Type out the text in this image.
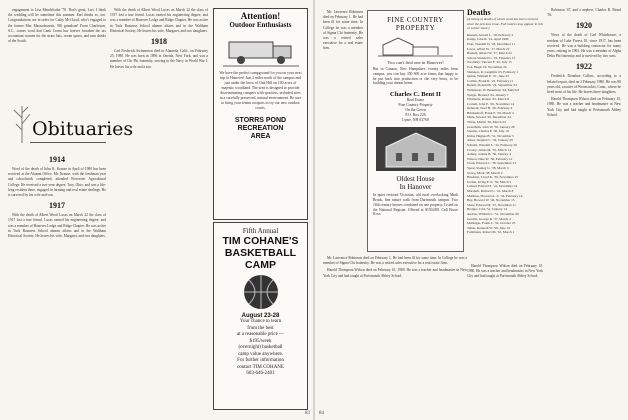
engagement to Lisa Mendelsohn '78. That's great, Lori. I think the wedding will be sometime this summer. Earl thinks so, too. Congratulations are in order for Cathy McCloud, who's engaged to the former Mac Massachusetts. '68) grandson! From Charleston, S.C., comes word that Cami Cronn has forever forsaken the tax accountant women for the straw hats, ocean sports, and rum drinks of the South.

Obituaries
1914

Word of the death of John K. Krause in April of 1980 has been received at the Alumni Office. Mr. Krause, with the freshman year and schoolwork completed, attended Worcester Agricultural College. He received a two-year degree, Troy, Ohio, and was a life-long resident there, engaged in farming and real estate dealings. He is survived by his wife and son.

1917

With the death of Albert Wood Lucas on March 22 the class of 1917 lost a true friend. Lucas earned his engineering degree, and was a member of Hanover Lodge and Ridge Chapter. He was active in Tuck Business School alumni affairs and in the Waltham Historical Society. He leaves his wife, Margaret, and two daughters.

With the death of Albert Wood Lucas on March 22 the class of 1917 lost a true friend. Lucas earned his engineering degree, and was a member of Hanover Lodge and Ridge Chapter. He was active in Tuck Business School alumni affairs and in the Waltham Historical Society. He leaves his wife, Margaret, and two daughters.

1918

Carl Frederick Swinnerton died in Alameda, Calif., on February 25, 1980. He was born in 1896 in Oneida, New York, and was a member of Chi Phi fraternity, serving in the Navy in World War I. He leaves his wife and a son.

Attention!
Outdoor Enthusiasts
We have the perfect campground for you on your next trip to Hanover! Just 2 miles north of the campus and just under the brow of Oak Hill on 100 acres of majestic woodland. The area is designed to provide discriminating campers with spacious, secluded sites in a carefully preserved, natural environment. Be sure to bring your tennis racquets to try our new outdoor courts.
STORRS POND
RECREATION
AREA
Fifth Annual
TIM COHANE'S
BASKETBALL
CAMP
August 23-28
Your chance to learn
from the best
at a reasonable price —
$195/week
(overnight) basketball
camp value anywhere.
For further information
contact TIM COHANE
603-646-2401
83
FINE COUNTRY
PROPERTY
You can't find one in Hanover!
But in Canaan, New Hampshire, twenty miles from campus, you can buy 350-300 acre farms that happy to be put back into production or the very heart, to be building your dream home.
Charles C. Bent II
Real Estate
Fine Country Property
On the Green
P.O. Box 226
Lyme, NH 03768
Oldest House
In Hanover
In quiet restored Victorian, old rural overlooking Mink Brook, fine nature walk from Dartmouth campus. Two 18th century houses combined on one property. Listed on the National Register. Offered at $150,000. Call Bruce Koss.

Mr. Lawrence Robinson died on February 1. He had been ill for some time. In College he was a member of Sigma Chi fraternity. He was a retired sales executive for a real estate firm.

Deaths
(A listing of deaths of which word has been received since the previous issue. Full notices may appear in this or a later issue.)
Russell, Arnold L. '18, February 2
Kamp, John R. '14, April 1980
Pratt, Wendell D. '18, December 11
Lucas, Albert W. '17, March 22
Haskell, Albert W. '17, March 22
Schott, Wendell L. '19, February 15
Twombly, Vincent F. '20, July 15
Fox, Hugh '19, November 26
Shannon, R. Laughlin '23, February 1
Quinn, William E. '21, June 23
Collins, Frank R. '22, February 11
Bedell, Donald B. '24, September 23
Wilkinson, W. Beaumont '24, March 8
Spagat, Bernard '24, January 7
Whitbeck, Robert '25, March 8
Cornell, John E. '26, November 14
Rehnoul, Noel H. '26, February 4
Brinkerhoff, Frank F. '29, March 2
Mills, Seward '29, December 24
Tilton, Martin '30, March 24
Grantham, John W. '30, January 28
Stearns, Charles P. '30, July 19
Kuhn, Hughes B. '31, November 5
Ames, Stephen C. '32, January 29
Schultz, Wendell L. '34, February 20
Crosby, James M. '35, March 14
Ashley, Joshua B. '36, January 4
Wilson, Dale W. '36, February 12
Clark, Edward C. '38, September 23
Spear, Stanley G. '38, March 3
Stowe, Mark '38, March 4
Hawkins, Lloyd K. '39, November 25
Jordan, Irving F. Jr. '39, March 5
Leland, Edward E. '41, December 14
Marshall, Richard C. '41, March 8
Matthias, Howard A. Jr. '34, February 14
Bay, Howard W. '46, November 15
Shaw, Edward M. '47, December 11
Hodges, John '51, January 14
Andrus, William C. '51, November 26
Gerrish, George R. '57, March 4
Mallinger, Frank L. '52, October 25
Tehan, Kenneth W. '56, June 19
Fodtmann, Robert M. '61, March 1

Mr. Lawrence Robinson died on February 1. He had been ill for some time. In College he was a member of Sigma Chi fraternity. He was a retired sales executive for a real estate firm.

Harold Thompson Wilson died on February 10, 1980. He was a teacher and headmaster in New York City and had taught at Portsmouth Abbey School.

Harold Thompson Wilson died on February 10, 1980. He was a teacher and headmaster in New York City and had taught at Portsmouth Abbey School.

Robinson '47, and a nephew, Charles R. Beard '56.

1920

News of the death of Carl Whitehouse, a resident of Lake Forest, Ill. since 1917, has been received. He was a building contractor for many years, retiring in 1963. He was a member of Alpha Delta Phi fraternity and is survived by two sons.

1922

Frederick Donahue Collins, according to a belated report, died on 2 February 1980. He was 80 years old, a native of Woonsocket, Conn., where he lived most of his life. He leaves three daughters.

Harold Thompson Wilson died on February 10, 1980. He was a teacher and headmaster in New York City and had taught at Portsmouth Abbey School.

84
